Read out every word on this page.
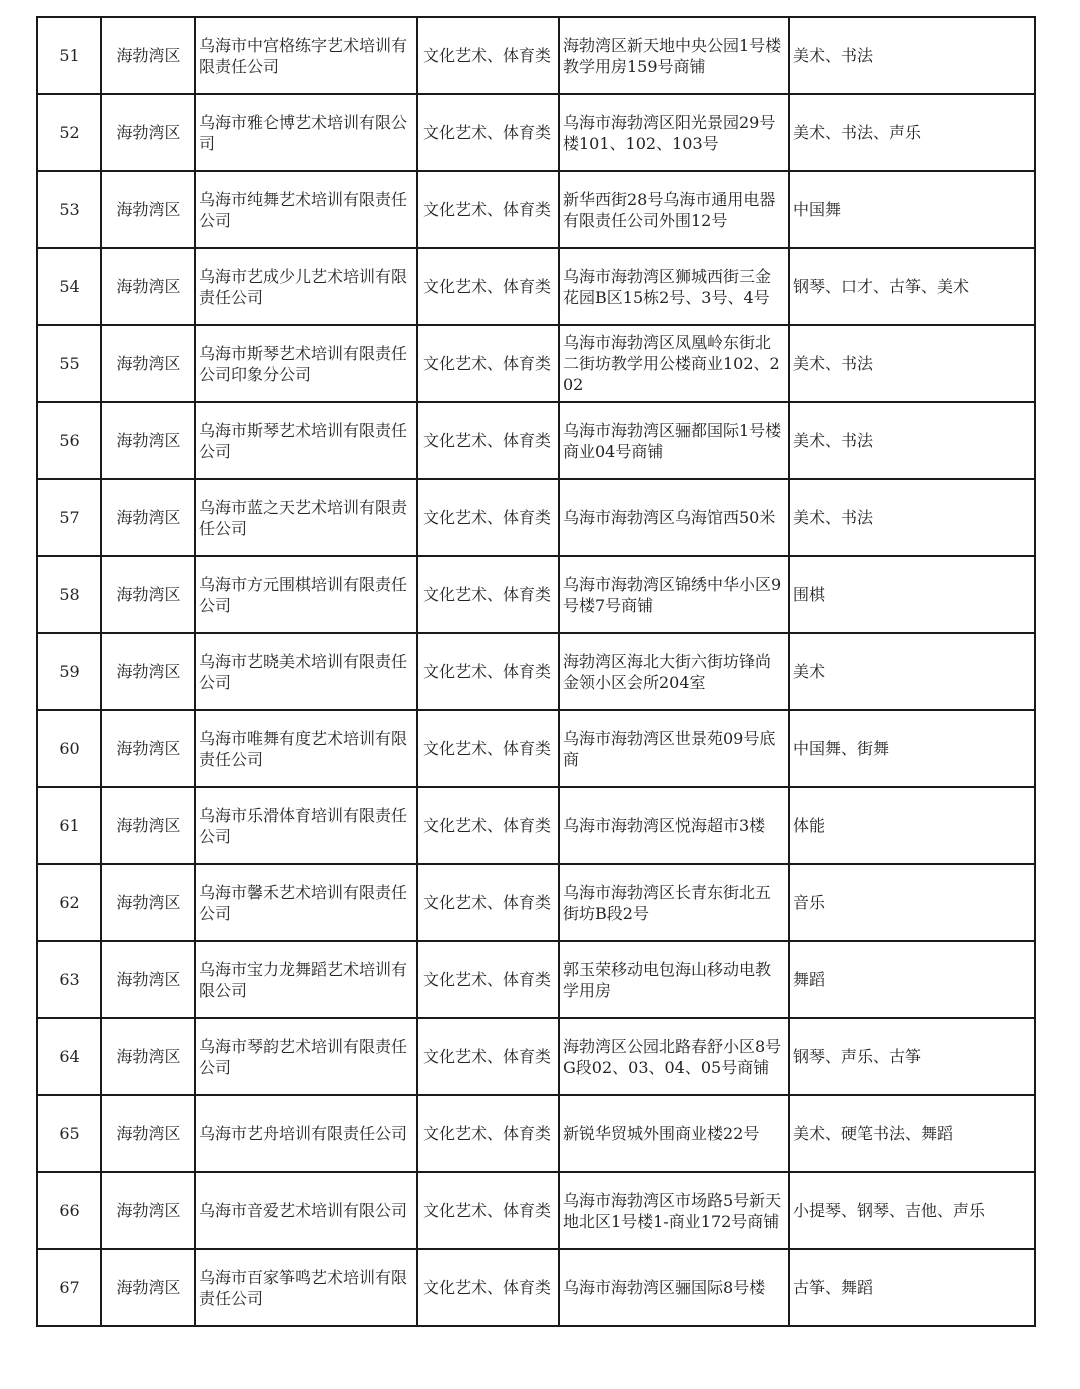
51	海勃湾区	乌海市中宫格练字艺术培训有限责任公司	文化艺术、体育类	海勃湾区新天地中央公园1号楼教学用房159号商铺	美术、书法
52	海勃湾区	乌海市雅仑博艺术培训有限公司	文化艺术、体育类	乌海市海勃湾区阳光景园29号楼101、102、103号	美术、书法、声乐
53	海勃湾区	乌海市纯舞艺术培训有限责任公司	文化艺术、体育类	新华西街28号乌海市通用电器有限责任公司外围12号	中国舞
54	海勃湾区	乌海市艺成少儿艺术培训有限责任公司	文化艺术、体育类	乌海市海勃湾区狮城西街三金花园B区15栋2号、3号、4号	钢琴、口才、古筝、美术
55	海勃湾区	乌海市斯琴艺术培训有限责任公司印象分公司	文化艺术、体育类	乌海市海勃湾区凤凰岭东街北二街坊教学用公楼商业102、202	美术、书法
56	海勃湾区	乌海市斯琴艺术培训有限责任公司	文化艺术、体育类	乌海市海勃湾区骊都国际1号楼商业04号商铺	美术、书法
57	海勃湾区	乌海市蓝之天艺术培训有限责任公司	文化艺术、体育类	乌海市海勃湾区乌海馆西50米	美术、书法
58	海勃湾区	乌海市方元围棋培训有限责任公司	文化艺术、体育类	乌海市海勃湾区锦绣中华小区9号楼7号商铺	围棋
59	海勃湾区	乌海市艺晓美术培训有限责任公司	文化艺术、体育类	海勃湾区海北大街六街坊锋尚金领小区会所204室	美术
60	海勃湾区	乌海市唯舞有度艺术培训有限责任公司	文化艺术、体育类	乌海市海勃湾区世景苑09号底商	中国舞、街舞
61	海勃湾区	乌海市乐滑体育培训有限责任公司	文化艺术、体育类	乌海市海勃湾区悦海超市3楼	体能
62	海勃湾区	乌海市馨禾艺术培训有限责任公司	文化艺术、体育类	乌海市海勃湾区长青东街北五街坊B段2号	音乐
63	海勃湾区	乌海市宝力龙舞蹈艺术培训有限公司	文化艺术、体育类	郭玉荣移动电包海山移动电教学用房	舞蹈
64	海勃湾区	乌海市琴韵艺术培训有限责任公司	文化艺术、体育类	海勃湾区公园北路春舒小区8号G段02、03、04、05号商铺	钢琴、声乐、古筝
65	海勃湾区	乌海市艺舟培训有限责任公司	文化艺术、体育类	新锐华贸城外围商业楼22号	美术、硬笔书法、舞蹈
66	海勃湾区	乌海市音爱艺术培训有限公司	文化艺术、体育类	乌海市海勃湾区市场路5号新天地北区1号楼1-商业172号商铺	小提琴、钢琴、吉他、声乐
67	海勃湾区	乌海市百家筝鸣艺术培训有限责任公司	文化艺术、体育类	乌海市海勃湾区骊国际8号楼	古筝、舞蹈
